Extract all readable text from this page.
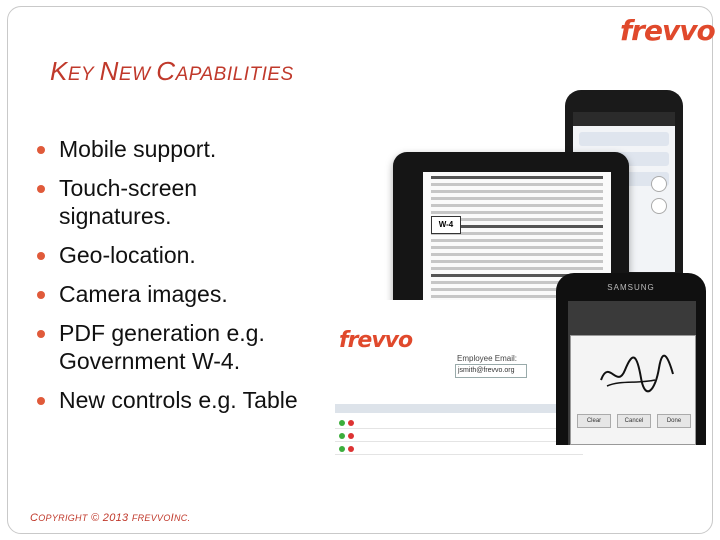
frevvo
KEY NEW CAPABILITIES
Mobile support.
Touch-screen signatures.
Geo-location.
Camera images.
PDF generation e.g. Government W-4.
New controls e.g. Table
W-4
frevvo
Employee Email:
jsmith@frevvo.org
SAMSUNG
Clear	Cancel	Done
COPYRIGHT © 2013 FREVVOINC.
